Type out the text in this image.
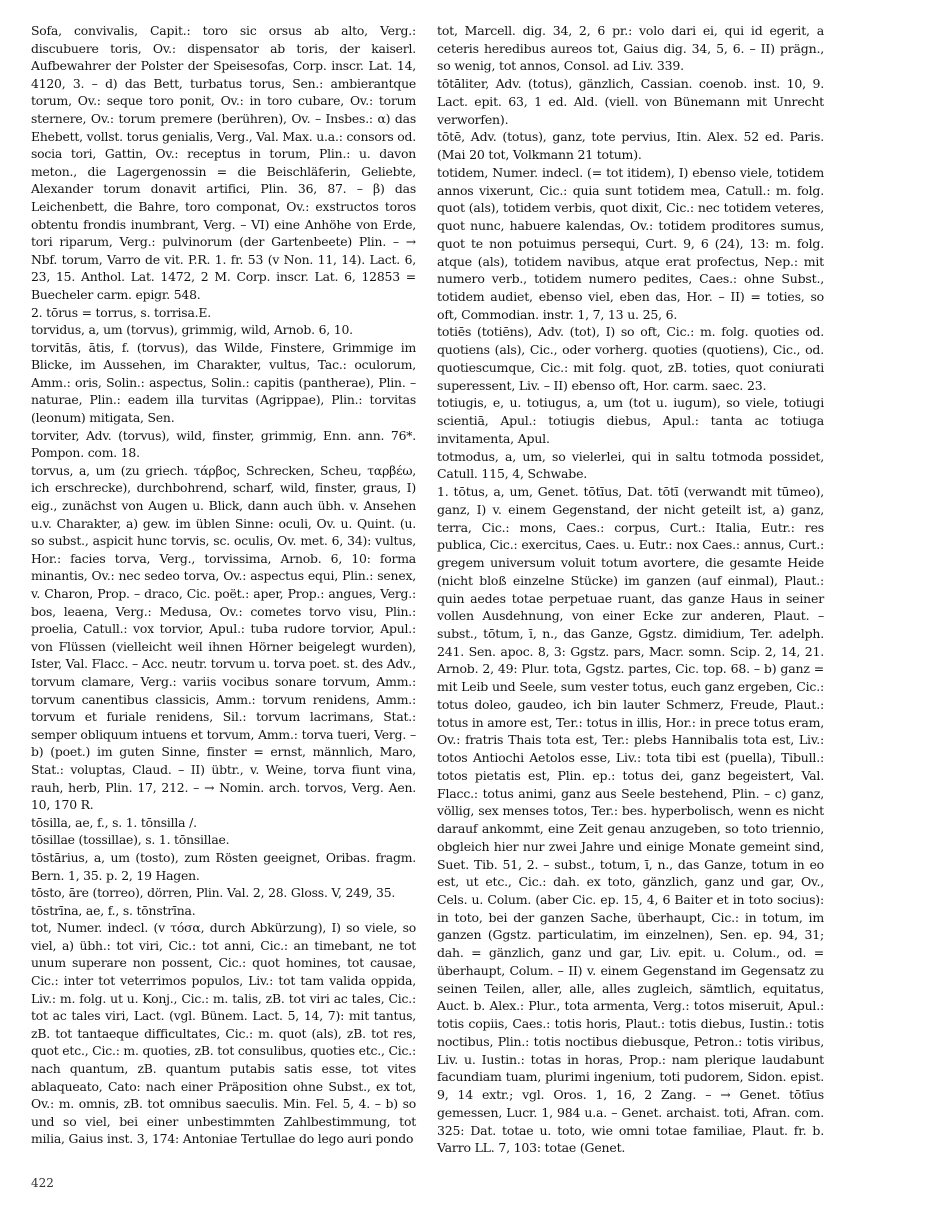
Sofa, convivalis, Capit.: toro sic orsus ab alto, Verg.: discubuere toris, Ov.: dispensator ab toris, der kaiserl. Aufbewahrer der Polster der Speisesofas, Corp. inscr. Lat. 14, 4120, 3. – d) das Bett, turbatus torus, Sen.: ambierantque torum, Ov.: seque toro ponit, Ov.: in toro cubare, Ov.: torum sternere, Ov.: torum premere (berühren), Ov. – Insbes.: α) das Ehebett, vollst. torus genialis, Verg., Val. Max. u.a.: consors od. socia tori, Gattin, Ov.: receptus in torum, Plin.: u. davon meton., die Lagergenossin = die Beischläferin, Geliebte, Alexander torum donavit artifici, Plin. 36, 87. – β) das Leichenbett, die Bahre, toro componat, Ov.: exstructos toros obtentu frondis inumbrant, Verg. – VI) eine Anhöhe von Erde, tori riparum, Verg.: pulvinorum (der Gartenbeete) Plin. – → Nbf. torum, Varro de vit. P.R. 1. fr. 53 (v Non. 11, 14). Lact. 6, 23, 15. Anthol. Lat. 1472, 2 M. Corp. inscr. Lat. 6, 12853 = Buecheler carm. epigr. 548.

2. tōrus = torrus, s. torrisa.E.

torvidus, a, um (torvus), grimmig, wild, Arnob. 6, 10.

torvitās, ātis, f. (torvus), das Wilde, Finstere, Grimmige im Blicke, im Aussehen, im Charakter, vultus, Tac.: oculorum, Amm.: oris, Solin.: aspectus, Solin.: capitis (pantherae), Plin. – naturae, Plin.: eadem illa turvitas (Agrippae), Plin.: torvitas (leonum) mitigata, Sen.

torviter, Adv. (torvus), wild, finster, grimmig, Enn. ann. 76*. Pompon. com. 18.

torvus, a, um (zu griech. τάρβος, Schrecken, Scheu, ταρβέω, ich erschrecke), durchbohrend, scharf, wild, finster, graus, I) eig., zunächst von Augen u. Blick, dann auch übh. v. Ansehen u.v. Charakter, a) gew. im üblen Sinne: oculi, Ov. u. Quint. (u. so subst., aspicit hunc torvis, sc. oculis, Ov. met. 6, 34): vultus, Hor.: facies torva, Verg., torvissima, Arnob. 6, 10: forma minantis, Ov.: nec sedeo torva, Ov.: aspectus equi, Plin.: senex, v. Charon, Prop. – draco, Cic. poët.: aper, Prop.: angues, Verg.: bos, leaena, Verg.: Medusa, Ov.: cometes torvo visu, Plin.: proelia, Catull.: vox torvior, Apul.: tuba rudore torvior, Apul.: von Flüssen (vielleicht weil ihnen Hörner beigelegt wurden), Ister, Val. Flacc. – Acc. neutr. torvum u. torva poet. st. des Adv., torvum clamare, Verg.: variis vocibus sonare torvum, Amm.: torvum canentibus classicis, Amm.: torvum renidens, Amm.: torvum et furiale renidens, Sil.: torvum lacrimans, Stat.: semper obliquum intuens et torvum, Amm.: torva tueri, Verg. – b) (poet.) im guten Sinne, finster = ernst, männlich, Maro, Stat.: voluptas, Claud. – II) übtr., v. Weine, torva fiunt vina, rauh, herb, Plin. 17, 212. – → Nomin. arch. torvos, Verg. Aen. 10, 170 R.

tōsilla, ae, f., s. 1. tōnsilla /.

tōsillae (tossillae), s. 1. tōnsillae.

tōstārius, a, um (tosto), zum Rösten geeignet, Oribas. fragm. Bern. 1, 35. p. 2, 19 Hagen.

tōsto, āre (torreo), dörren, Plin. Val. 2, 28. Gloss. V, 249, 35.

tōstrīna, ae, f., s. tōnstrīna.

tot, Numer. indecl. (v τόσα, durch Abkürzung), I) so viele, so viel, a) übh.: tot viri, Cic.: tot anni, Cic.: an timebant, ne tot unum superare non possent, Cic.: quot homines, tot causae, Cic.: inter tot veterrimos populos, Liv.: tot tam valida oppida, Liv.: m. folg. ut u. Konj., Cic.: m. talis, zB. tot viri ac tales, Cic.: tot ac tales viri, Lact. (vgl. Bünem. Lact. 5, 14, 7): mit tantus, zB. tot tantaeque difficultates, Cic.: m. quot (als), zB. tot res, quot etc., Cic.: m. quoties, zB. tot consulibus, quoties etc., Cic.: nach quantum, zB. quantum putabis satis esse, tot vites ablaqueato, Cato: nach einer Präposition ohne Subst., ex tot, Ov.: m. omnis, zB. tot omnibus saeculis. Min. Fel. 5, 4. – b) so und so viel, bei einer unbestimmten Zahlbestimmung, tot milia, Gaius inst. 3, 174: Antoniae Tertullae do lego auri pondo

tot, Marcell. dig. 34, 2, 6 pr.: volo dari ei, qui id egerit, a ceteris heredibus aureos tot, Gaius dig. 34, 5, 6. – II) prägn., so wenig, tot annos, Consol. ad Liv. 339.

tōtāliter, Adv. (totus), gänzlich, Cassian. coenob. inst. 10, 9. Lact. epit. 63, 1 ed. Ald. (viell. von Bünemann mit Unrecht verworfen).

tōtē, Adv. (totus), ganz, tote pervius, Itin. Alex. 52 ed. Paris. (Mai 20 tot, Volkmann 21 totum).

totidem, Numer. indecl. (= tot itidem), I) ebenso viele, totidem annos vixerunt, Cic.: quia sunt totidem mea, Catull.: m. folg. quot (als), totidem verbis, quot dixit, Cic.: nec totidem veteres, quot nunc, habuere kalendas, Ov.: totidem proditores sumus, quot te non potuimus persequi, Curt. 9, 6 (24), 13: m. folg. atque (als), totidem navibus, atque erat profectus, Nep.: mit numero verb., totidem numero pedites, Caes.: ohne Subst., totidem audiet, ebenso viel, eben das, Hor. – II) = toties, so oft, Commodian. instr. 1, 7, 13 u. 25, 6.

totiēs (totiēns), Adv. (tot), I) so oft, Cic.: m. folg. quoties od. quotiens (als), Cic., oder vorherg. quoties (quotiens), Cic., od. quotiescumque, Cic.: mit folg. quot, zB. toties, quot coniurati superessent, Liv. – II) ebenso oft, Hor. carm. saec. 23.

totiugis, e, u. totiugus, a, um (tot u. iugum), so viele, totiugi scientiā, Apul.: totiugis diebus, Apul.: tanta ac totiuga invitamenta, Apul.

totmodus, a, um, so vielerlei, qui in saltu totmoda possidet, Catull. 115, 4, Schwabe.

1. tōtus, a, um, Genet. tōtīus, Dat. tōtī (verwandt mit tūmeo), ganz, I) v. einem Gegenstand, der nicht geteilt ist, a) ganz, terra, Cic.: mons, Caes.: corpus, Curt.: Italia, Eutr.: res publica, Cic.: exercitus, Caes. u. Eutr.: nox Caes.: annus, Curt.: gregem universum voluit totum avortere, die gesamte Heide (nicht bloß einzelne Stücke) im ganzen (auf einmal), Plaut.: quin aedes totae perpetuae ruant, das ganze Haus in seiner vollen Ausdehnung, von einer Ecke zur anderen, Plaut. – subst., tōtum, ī, n., das Ganze, Ggstz. dimidium, Ter. adelph. 241. Sen. apoc. 8, 3: Ggstz. pars, Macr. somn. Scip. 2, 14, 21. Arnob. 2, 49: Plur. tota, Ggstz. partes, Cic. top. 68. – b) ganz = mit Leib und Seele, sum vester totus, euch ganz ergeben, Cic.: totus doleo, gaudeo, ich bin lauter Schmerz, Freude, Plaut.: totus in amore est, Ter.: totus in illis, Hor.: in prece totus eram, Ov.: fratris Thais tota est, Ter.: plebs Hannibalis tota est, Liv.: totos Antiochi Aetolos esse, Liv.: tota tibi est (puella), Tibull.: totos pietatis est, Plin. ep.: totus dei, ganz begeistert, Val. Flacc.: totus animi, ganz aus Seele bestehend, Plin. – c) ganz, völlig, sex menses totos, Ter.: bes. hyperbolisch, wenn es nicht darauf ankommt, eine Zeit genau anzugeben, so toto triennio, obgleich hier nur zwei Jahre und einige Monate gemeint sind, Suet. Tib. 51, 2. – subst., totum, ī, n., das Ganze, totum in eo est, ut etc., Cic.: dah. ex toto, gänzlich, ganz und gar, Ov., Cels. u. Colum. (aber Cic. ep. 15, 4, 6 Baiter et in toto socius): in toto, bei der ganzen Sache, überhaupt, Cic.: in totum, im ganzen (Ggstz. particulatim, im einzelnen), Sen. ep. 94, 31; dah. = gänzlich, ganz und gar, Liv. epit. u. Colum., od. = überhaupt, Colum. – II) v. einem Gegenstand im Gegensatz zu seinen Teilen, aller, alle, alles zugleich, sämtlich, equitatus, Auct. b. Alex.: Plur., tota armenta, Verg.: totos miseruit, Apul.: totis copiis, Caes.: totis horis, Plaut.: totis diebus, Iustin.: totis noctibus, Plin.: totis noctibus diebusque, Petron.: totis viribus, Liv. u. Iustin.: totas in horas, Prop.: nam plerique laudabunt facundiam tuam, plurimi ingenium, toti pudorem, Sidon. epist. 9, 14 extr.; vgl. Oros. 1, 16, 2 Zang. – → Genet. tōtīus gemessen, Lucr. 1, 984 u.a. – Genet. archaist. toti, Afran. com. 325: Dat. totae u. toto, wie omni totae familiae, Plaut. fr. b. Varro LL. 7, 103: totae (Genet.

422
